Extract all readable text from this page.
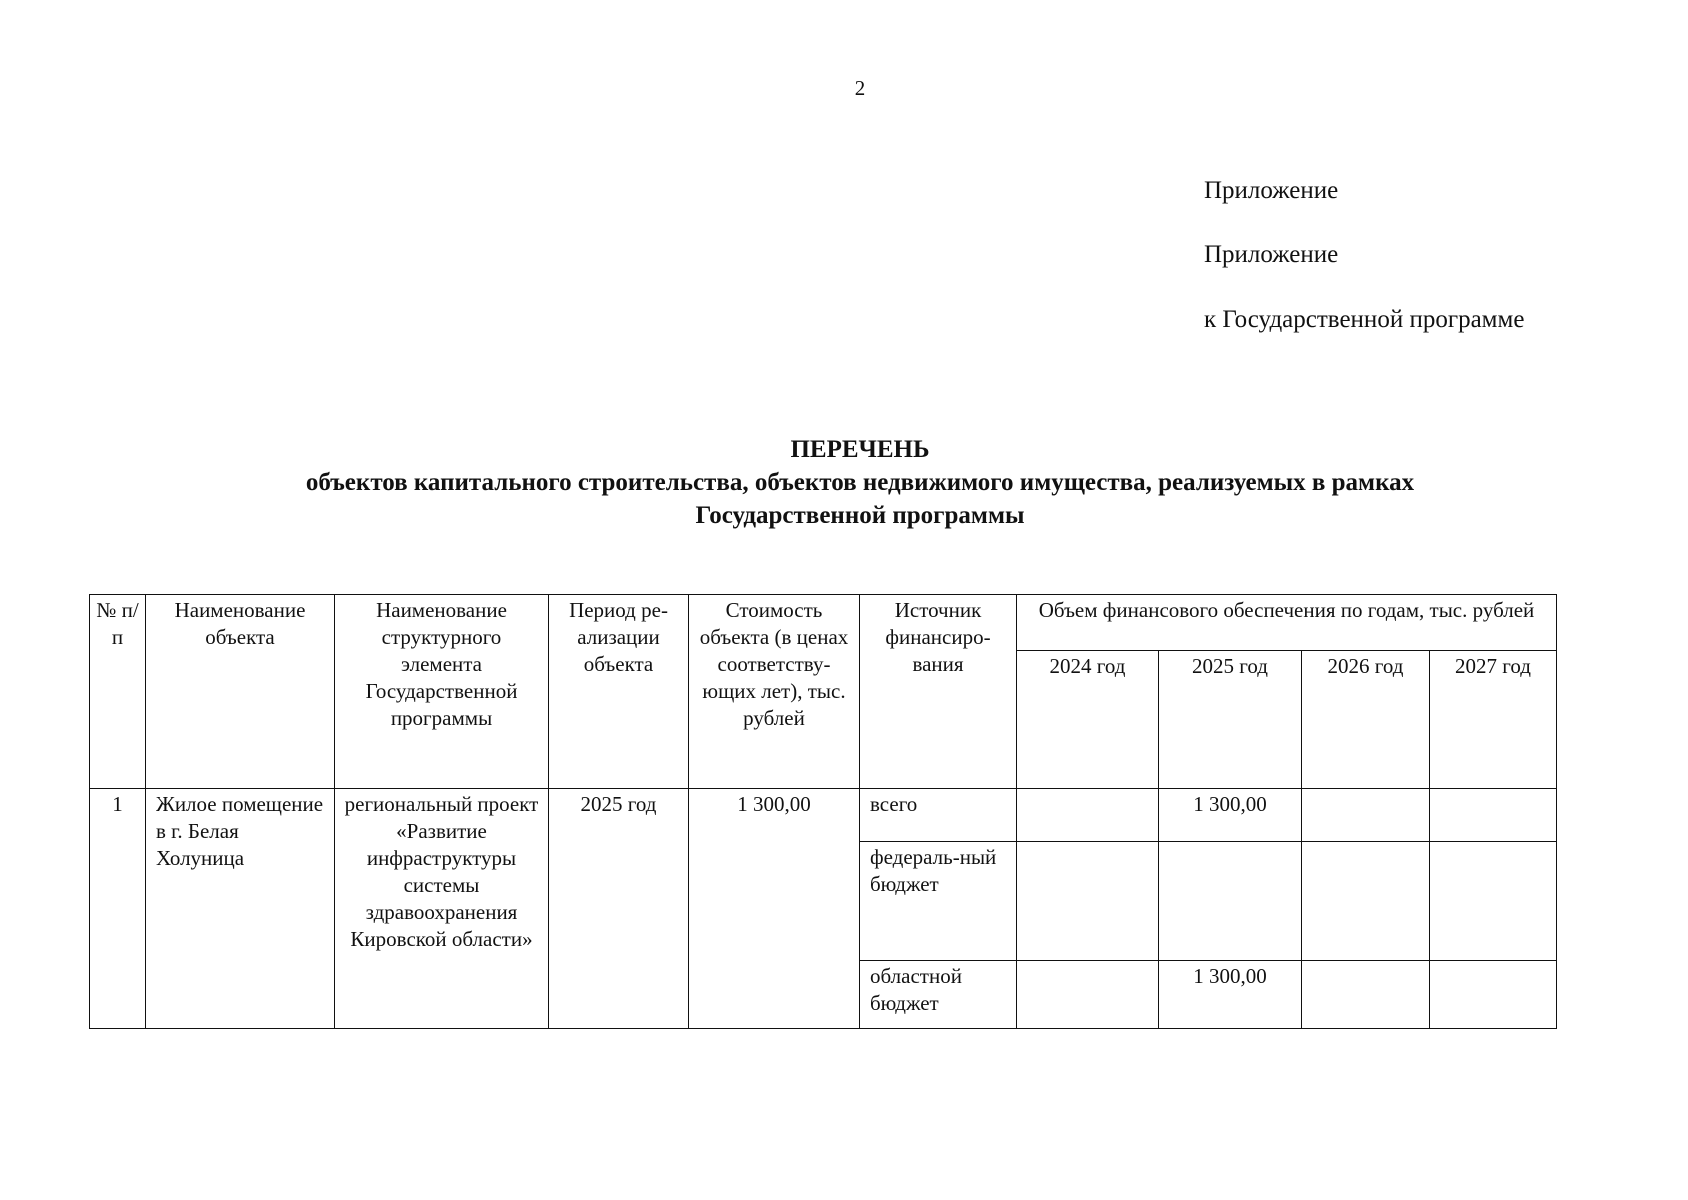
2
Приложение
Приложение
к Государственной программе
ПЕРЕЧЕНЬ
объектов капитального строительства, объектов недвижимого имущества, реализуемых в рамках
Государственной программы
№ п/п	Наименование объекта	Наименование структурного элемента Государственной программы	Период ре-ализации объекта	Стоимость объекта (в ценах соответству-ющих лет), тыс. рублей	Источник финансиро-вания	Объем финансового обеспечения по годам, тыс. рублей			
						2024 год	2025 год	2026 год	2027 год
1	Жилое помещение в г. Белая Холуница	региональный проект «Развитие инфраструктуры системы здравоохранения Кировской области»	2025 год	1 300,00	всего		1 300,00		
					федераль-ный бюджет				
					областной бюджет		1 300,00		
